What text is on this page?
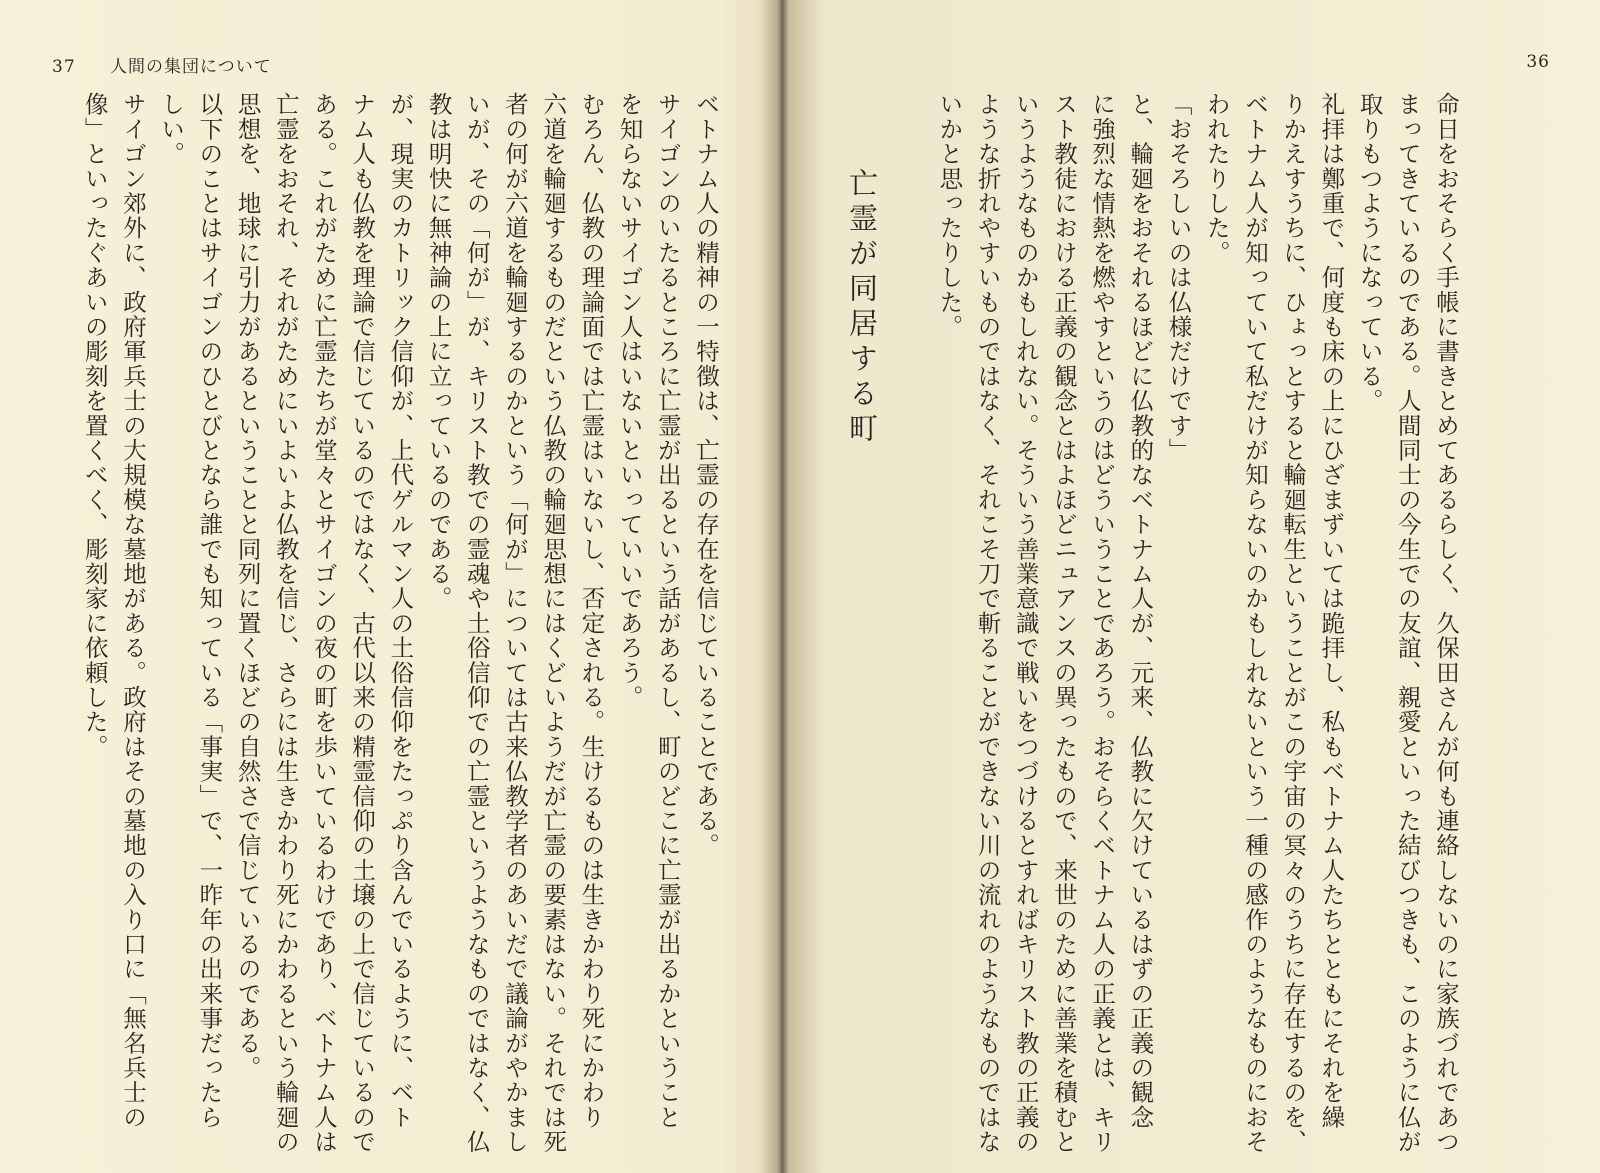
37 人間の集団について
ベトナム人の精神の一特徴は、亡霊の存在を信じていることである。
サイゴンのいたるところに亡霊が出るという話があるし、町のどこに亡霊が出るかということ
を知らないサイゴン人はいないといっていいであろう。
むろん、仏教の理論面では亡霊はいないし、否定される。生けるものは生きかわり死にかわり
六道を輪廻するものだという仏教の輪廻思想にはくどいようだが亡霊の要素はない。それでは死
者の何が六道を輪廻するのかという「何が」については古来仏教学者のあいだで議論がやかまし
いが、その「何が」が、キリスト教での霊魂や土俗信仰での亡霊というようなものではなく、仏
教は明快に無神論の上に立っているのである。
が、現実のカトリック信仰が、上代ゲルマン人の土俗信仰をたっぷり含んでいるように、ベト
ナム人も仏教を理論で信じているのではなく、古代以来の精霊信仰の土壌の上で信じているので
ある。これがために亡霊たちが堂々とサイゴンの夜の町を歩いているわけであり、ベトナム人は
亡霊をおそれ、それがためにいよいよ仏教を信じ、さらには生きかわり死にかわるという輪廻の
思想を、地球に引力があるということと同列に置くほどの自然さで信じているのである。
以下のことはサイゴンのひとびとなら誰でも知っている「事実」で、一昨年の出来事だったら
しい。
サイゴン郊外に、政府軍兵士の大規模な墓地がある。政府はその墓地の入り口に「無名兵士の
像」といったぐあいの彫刻を置くべく、彫刻家に依頼した。
36
命日をおそらく手帳に書きとめてあるらしく、久保田さんが何も連絡しないのに家族づれであつ
まってきているのである。人間同士の今生での友誼、親愛といった結びつきも、このように仏が
取りもつようになっている。
礼拝は鄭重で、何度も床の上にひざまずいては跪拝し、私もベトナム人たちとともにそれを繰
りかえすうちに、ひょっとすると輪廻転生ということがこの宇宙の冥々のうちに存在するのを、
ベトナム人が知っていて私だけが知らないのかもしれないという一種の感作のようなものにおそ
われたりした。
「おそろしいのは仏様だけです」
と、輪廻をおそれるほどに仏教的なベトナム人が、元来、仏教に欠けているはずの正義の観念
に強烈な情熱を燃やすというのはどういうことであろう。おそらくベトナム人の正義とは、キリ
スト教徒における正義の観念とはよほどニュアンスの異ったもので、来世のために善業を積むと
いうようなものかもしれない。そういう善業意識で戦いをつづけるとすればキリスト教の正義の
ような折れやすいものではなく、それこそ刀で斬ることができない川の流れのようなものではな
いかと思ったりした。
亡霊が同居する町
